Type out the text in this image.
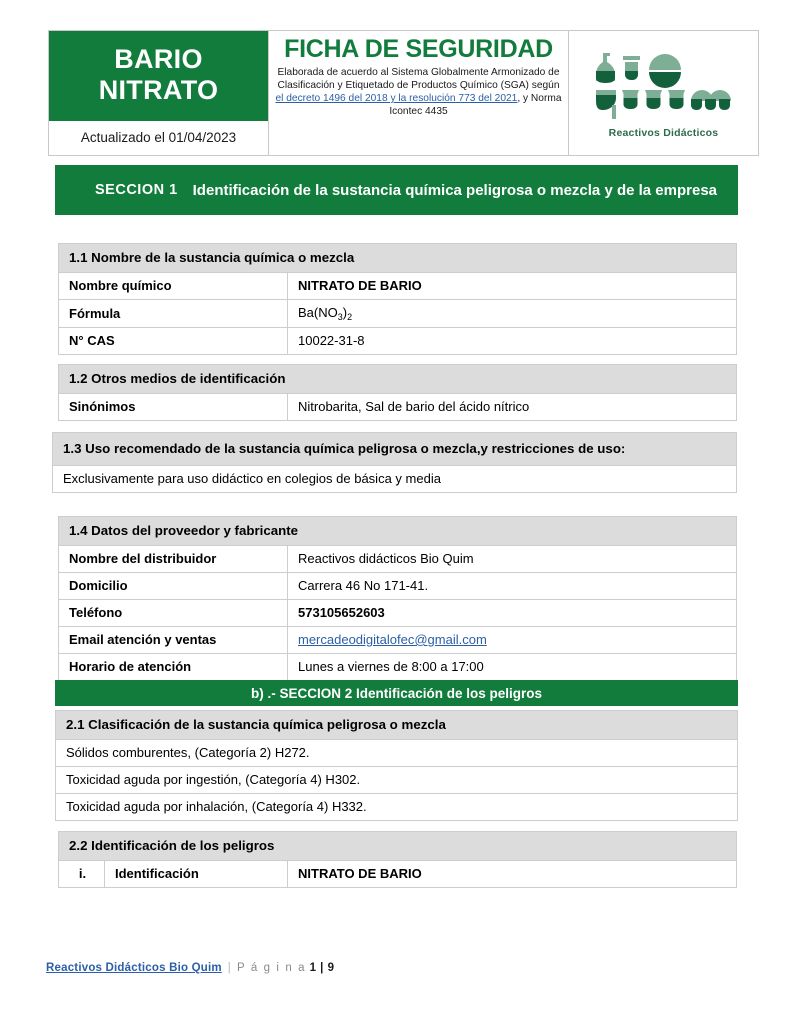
BARIO
NITRATO
Actualizado el 01/04/2023

FICHA DE SEGURIDAD
Elaborada de acuerdo al Sistema Globalmente Armonizado de Clasificación y Etiquetado de Productos Químico (SGA) según el decreto 1496 del 2018 y la resolución 773 del 2021, y Norma Icontec 4435

Reactivos Didácticos
SECCION 1 Identificación de la sustancia química peligrosa o mezcla y de la empresa
1.1 Nombre de la sustancia química o mezcla	
Nombre químico	NITRATO DE BARIO
Fórmula	$Ba(NO_3)_2$
N° CAS	10022-31-8
1.2 Otros medios de identificación
Sinónimos	Nitrobarita, Sal de bario del ácido nítrico
1.3 Uso recomendado de la sustancia química peligrosa o mezcla,y restricciones de uso:
Exclusivamente para uso didáctico en colegios de básica y media
1.4 Datos del proveedor y fabricante	
Nombre del distribuidor	Reactivos didácticos Bio Quim
Domicilio	Carrera 46 No 171-41.
Teléfono	573105652603
Email atención y ventas	mercadeodigitalofec@gmail.com
Horario de atención	Lunes a viernes de 8:00 a 17:00
b) .- SECCION 2 Identificación de los peligros
2.1 Clasificación de la sustancia química peligrosa o mezcla
Sólidos comburentes, (Categoría 2) H272.
Toxicidad aguda por ingestión, (Categoría 4) H302.
Toxicidad aguda por inhalación, (Categoría 4) H332.
2.2 Identificación de los peligros
i.	Identificación	NITRATO DE BARIO
Reactivos Didácticos Bio Quim | P á g i n a 1 | 9
